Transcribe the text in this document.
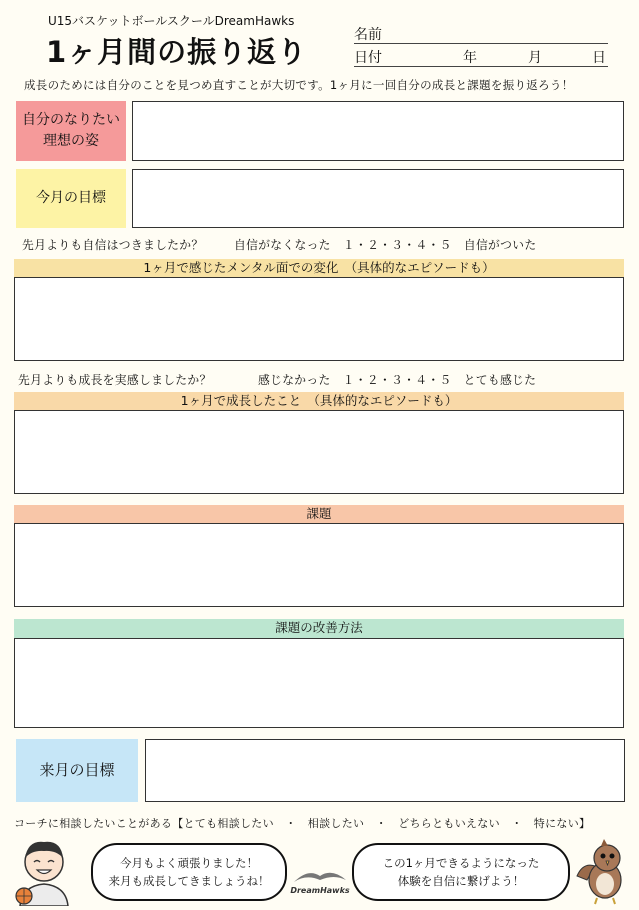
U15バスケットボールスクールDreamHawks
1ヶ月間の振り返り	名前
日付	年	月	日
成長のためには自分のことを見つめ直すことが大切です。1ヶ月に一回自分の成長と課題を振り返ろう！
自分のなりたい
理想の姿
今月の目標
先月よりも自信はつきましたか？	自信がなくなった　１・２・３・４・５　自信がついた
1ヶ月で感じたメンタル面での変化　（具体的なエピソードも）
先月よりも成長を実感しましたか？	感じなかった　１・２・３・４・５　とても感じた
1ヶ月で成長したこと　（具体的なエピソードも）
課題
課題の改善方法
来月の目標
コーチに相談したいことがある【とても相談したい　・　相談したい　・　どちらともいえない　・　特にない】
今月もよく頑張りました！
来月も成長してきましょうね！
DreamHawks
この1ヶ月できるようになった
体験を自信に繋げよう！
